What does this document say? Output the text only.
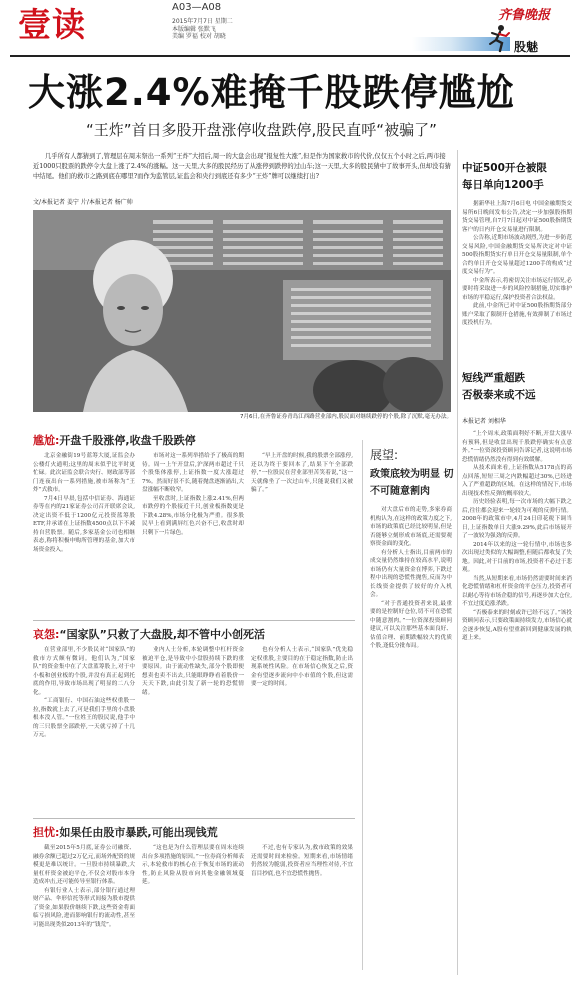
壹读	A03—A08
2015年7月7日 星期二
本版编辑 张默飞
美编 罗福 校对 胡晓
齐鲁晚报
股魅
大涨2.4%难掩千股跌停尴尬
“王炸”首日多股开盘涨停收盘跌停,股民直呼“被骗了”
几乎所有人都猜到了,管理层在周末祭出一系列“王炸”大招后,周一的大盘会出现“报复性大涨”,但是作为国家救市的代价,仅仅五个小时之后,两市接近1000只股票的跌停令大盘上涨了2.4%的涨幅。这一天里,大多的股民经历了从涨停到跌停的过山车;这一天里,大多的股民猜中了故事开头,但却没有猜中结尾。他们的救市之路到底在哪里?而作为监管层,证监会和央行到底还有多少“王炸”牌可以继续打出?
文/本报记者 姜宁 片/本报记者 杨广帅
7月6日,在齐鲁证券青岛江西路营业部内,股民面对继续跌停的个股,除了沉默,毫无办法。
尴尬:开盘千股涨停,收盘千股跌停

北京金融街19号蓝筹大厦,证监会办公楼灯火通明;这里的周末似乎比平时更忙碌。此次证监会联合央行、财政部等部门连夜出台一系列措施,被市场称为“王炸”式救市。

7月4日早晨,包括中信证券、海通证券等在内的21家证券公司召开联席会议,决定出资不低于1200亿元投资蓝筹股ETF,并承诺在上证指数4500点以下不减持自营股票。随后,多家基金公司也相继表态,称将积极申购所管理的基金,加大市场资金投入。

市场对这一系列举措给予了极高的期待。周一上午开盘后,沪深两市超过千只个股集体涨停,上证指数一度大涨超过7%。然而好景不长,随着抛盘逐渐涌出,大盘涨幅不断收窄。

至收盘时,上证指数上涨2.41%,但两市跌停的个股接近千只,创业板指数更是下跌4.28%,市场分化极为严重。很多股民早上看到满屏红色兴奋不已,收盘时却只剩下一片绿色。

“早上开盘的时候,我的股票全部涨停,还以为终于要回本了,结果下午全部跌停,”一位股民在营业部里苦笑着说,“这一天就像坐了一次过山车,只能说我们又被骗了。”

哀怨:“国家队”只救了大盘股,却不管中小创死活

在营业部里,不少股民对“国家队”的救市方式颇有微词。他们认为,“国家队”的资金集中在了大盘蓝筹股上,对于中小板和创业板的个股,并没有真正起到托底的作用,导致市场出现了明显的二八分化。

“工商银行、中国石油这些权重股一拉,指数就上去了,可是我们手里的小盘股根本没人管。”一位姓王的股民说,他手中的三只股票全部跌停,一天就亏掉了十几万元。

业内人士分析,本轮调整中杠杆资金被迫平仓,是导致中小盘股持续下跌的重要原因。由于流动性缺失,部分个股即便想卖也卖不出去,只能眼睁睁看着股价一天天下跌,由此引发了新一轮的恐慌情绪。

也有分析人士表示,“国家队”优先稳定权重股,主要目的在于稳定指数,防止出现系统性风险。在市场信心恢复之后,资金有望逐步流向中小市值的个股,但这需要一定的时间。

担忧:如果任由股市暴跌,可能出现钱荒

截至2015年5月底,证券公司融资、融券余额已超过2万亿元,而场外配资的规模更是难以统计。一旦股市持续暴跌,大量杠杆资金被迫平仓,不仅会对股市本身造成冲击,还可能传导至银行体系。

有银行业人士表示,部分银行通过理财产品、伞形信托等形式间接为股市提供了资金,如果股价继续下跌,这些资金将面临亏损风险,进而影响银行的流动性,甚至可能出现类似2013年的“钱荒”。

“这也是为什么管理层要在周末连续出台多项措施的原因。”一位券商分析师表示,本轮救市的核心在于恢复市场的流动性,防止风险从股市向其他金融领域蔓延。

不过,也有专家认为,救市政策的效果还需要时间来检验。短期来看,市场情绪仍然较为脆弱,投资者应当理性对待,不宜盲目抄底,也不宜恐慌性抛售。

展望:
政策底较为明显 切不可随意割肉

对大盘后市的走势,多家券商机构认为,在这样的政策力度之下,市场的政策底已经比较明显,但是否能够立刻形成市场底,还需要观察资金面的变化。

有分析人士指出,目前两市的成交量仍然维持在较高水平,说明市场仍有大量资金在博弈,下跌过程中出现的恐慌性抛售,反而为中长线资金提供了较好的介入机会。

“对于普通投资者来说,最重要的是控制好仓位,切不可在恐慌中随意割肉。”一位资深投资顾问建议,可以关注那些基本面良好、估值合理、前期跌幅较大的优质个股,逢低分批布局。

中证500开仓被限
每日单向1200手

据新华社上海7月6日电 中国金融期货交易所6日晚间发布公告,决定一步加强股指期货交易管理,自7月7日起对中证500股指期货客户的日内开仓交易量进行限制。

公告称,近期市场波动剧烈,为进一步防范交易风险,中国金融期货交易所决定对中证500股指期货实行单日开仓交易量限制,单个合约单日开仓交易量超过1200手的构成“过度交易行为”。

中金所表示,将密切关注市场运行情况,必要时将采取进一步的风险控制措施,切实维护市场的平稳运行,保护投资者合法权益。

此前,中金所已对中证500股指期货部分账户采取了限制开仓措施,有效抑制了市场过度投机行为。

短线严重超跌
否极泰来或不远
本报记者 刘相华

“上个周末,政策面利好不断,开盘大涨早有预料,但是收盘出现千股跌停确实有点意外。”一位资深投资顾问告诉记者,这说明市场恐慌情绪仍然没有得到有效缓解。

从技术面来看,上证指数从5178点的高点回落,短短三周之内跌幅超过30%,已经进入了严重超跌的区域。在这样的情况下,市场出现技术性反弹的概率较大。

历史经验表明,每一次市场的大幅下跌之后,往往都会迎来一轮较为可观的反弹行情。2008年的政策市中,4月24日印花税下调当日,上证指数单日大涨9.29%,此后市场展开了一波较为强劲的反弹。

2014年以来的这一轮行情中,市场也多次出现过类似的大幅调整,但随后都收复了失地。因此,对于目前的市场,投资者不必过于悲观。

当然,从短期来看,市场仍然需要时间来消化恐慌情绪和杠杆资金的平仓压力,投资者可以耐心等待市场企稳的信号,再逐步加大仓位,不宜过度追涨杀跌。

“否极泰来的时刻或许已经不远了。”该投资顾问表示,只要政策面持续发力,市场信心就会逐步恢复,A股有望重新回到健康发展的轨道上来。
